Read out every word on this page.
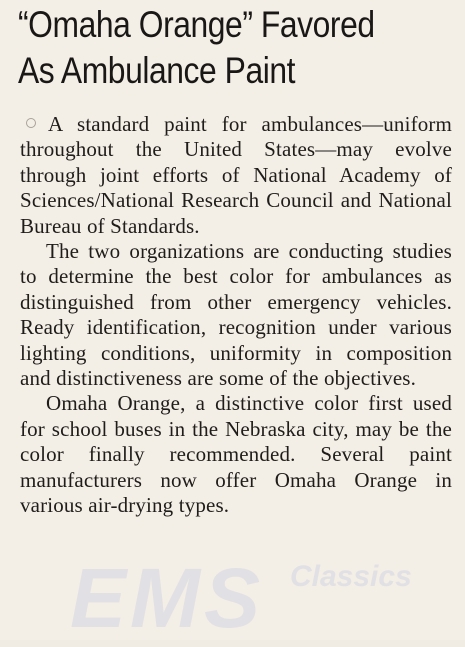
“Omaha Orange” Favored
As Ambulance Paint

A standard paint for ambulances—uniform throughout the United States—may evolve through joint efforts of National Academy of Sciences/National Research Council and National Bureau of Standards.

The two organizations are conducting studies to determine the best color for ambulances as distinguished from other emergency vehicles. Ready identification, recognition under various lighting conditions, uniformity in composition and distinctiveness are some of the objectives.

Omaha Orange, a distinctive color first used for school buses in the Nebraska city, may be the color finally recommended. Several paint manufacturers now offer Omaha Orange in various air-drying types.

EMS Classics
